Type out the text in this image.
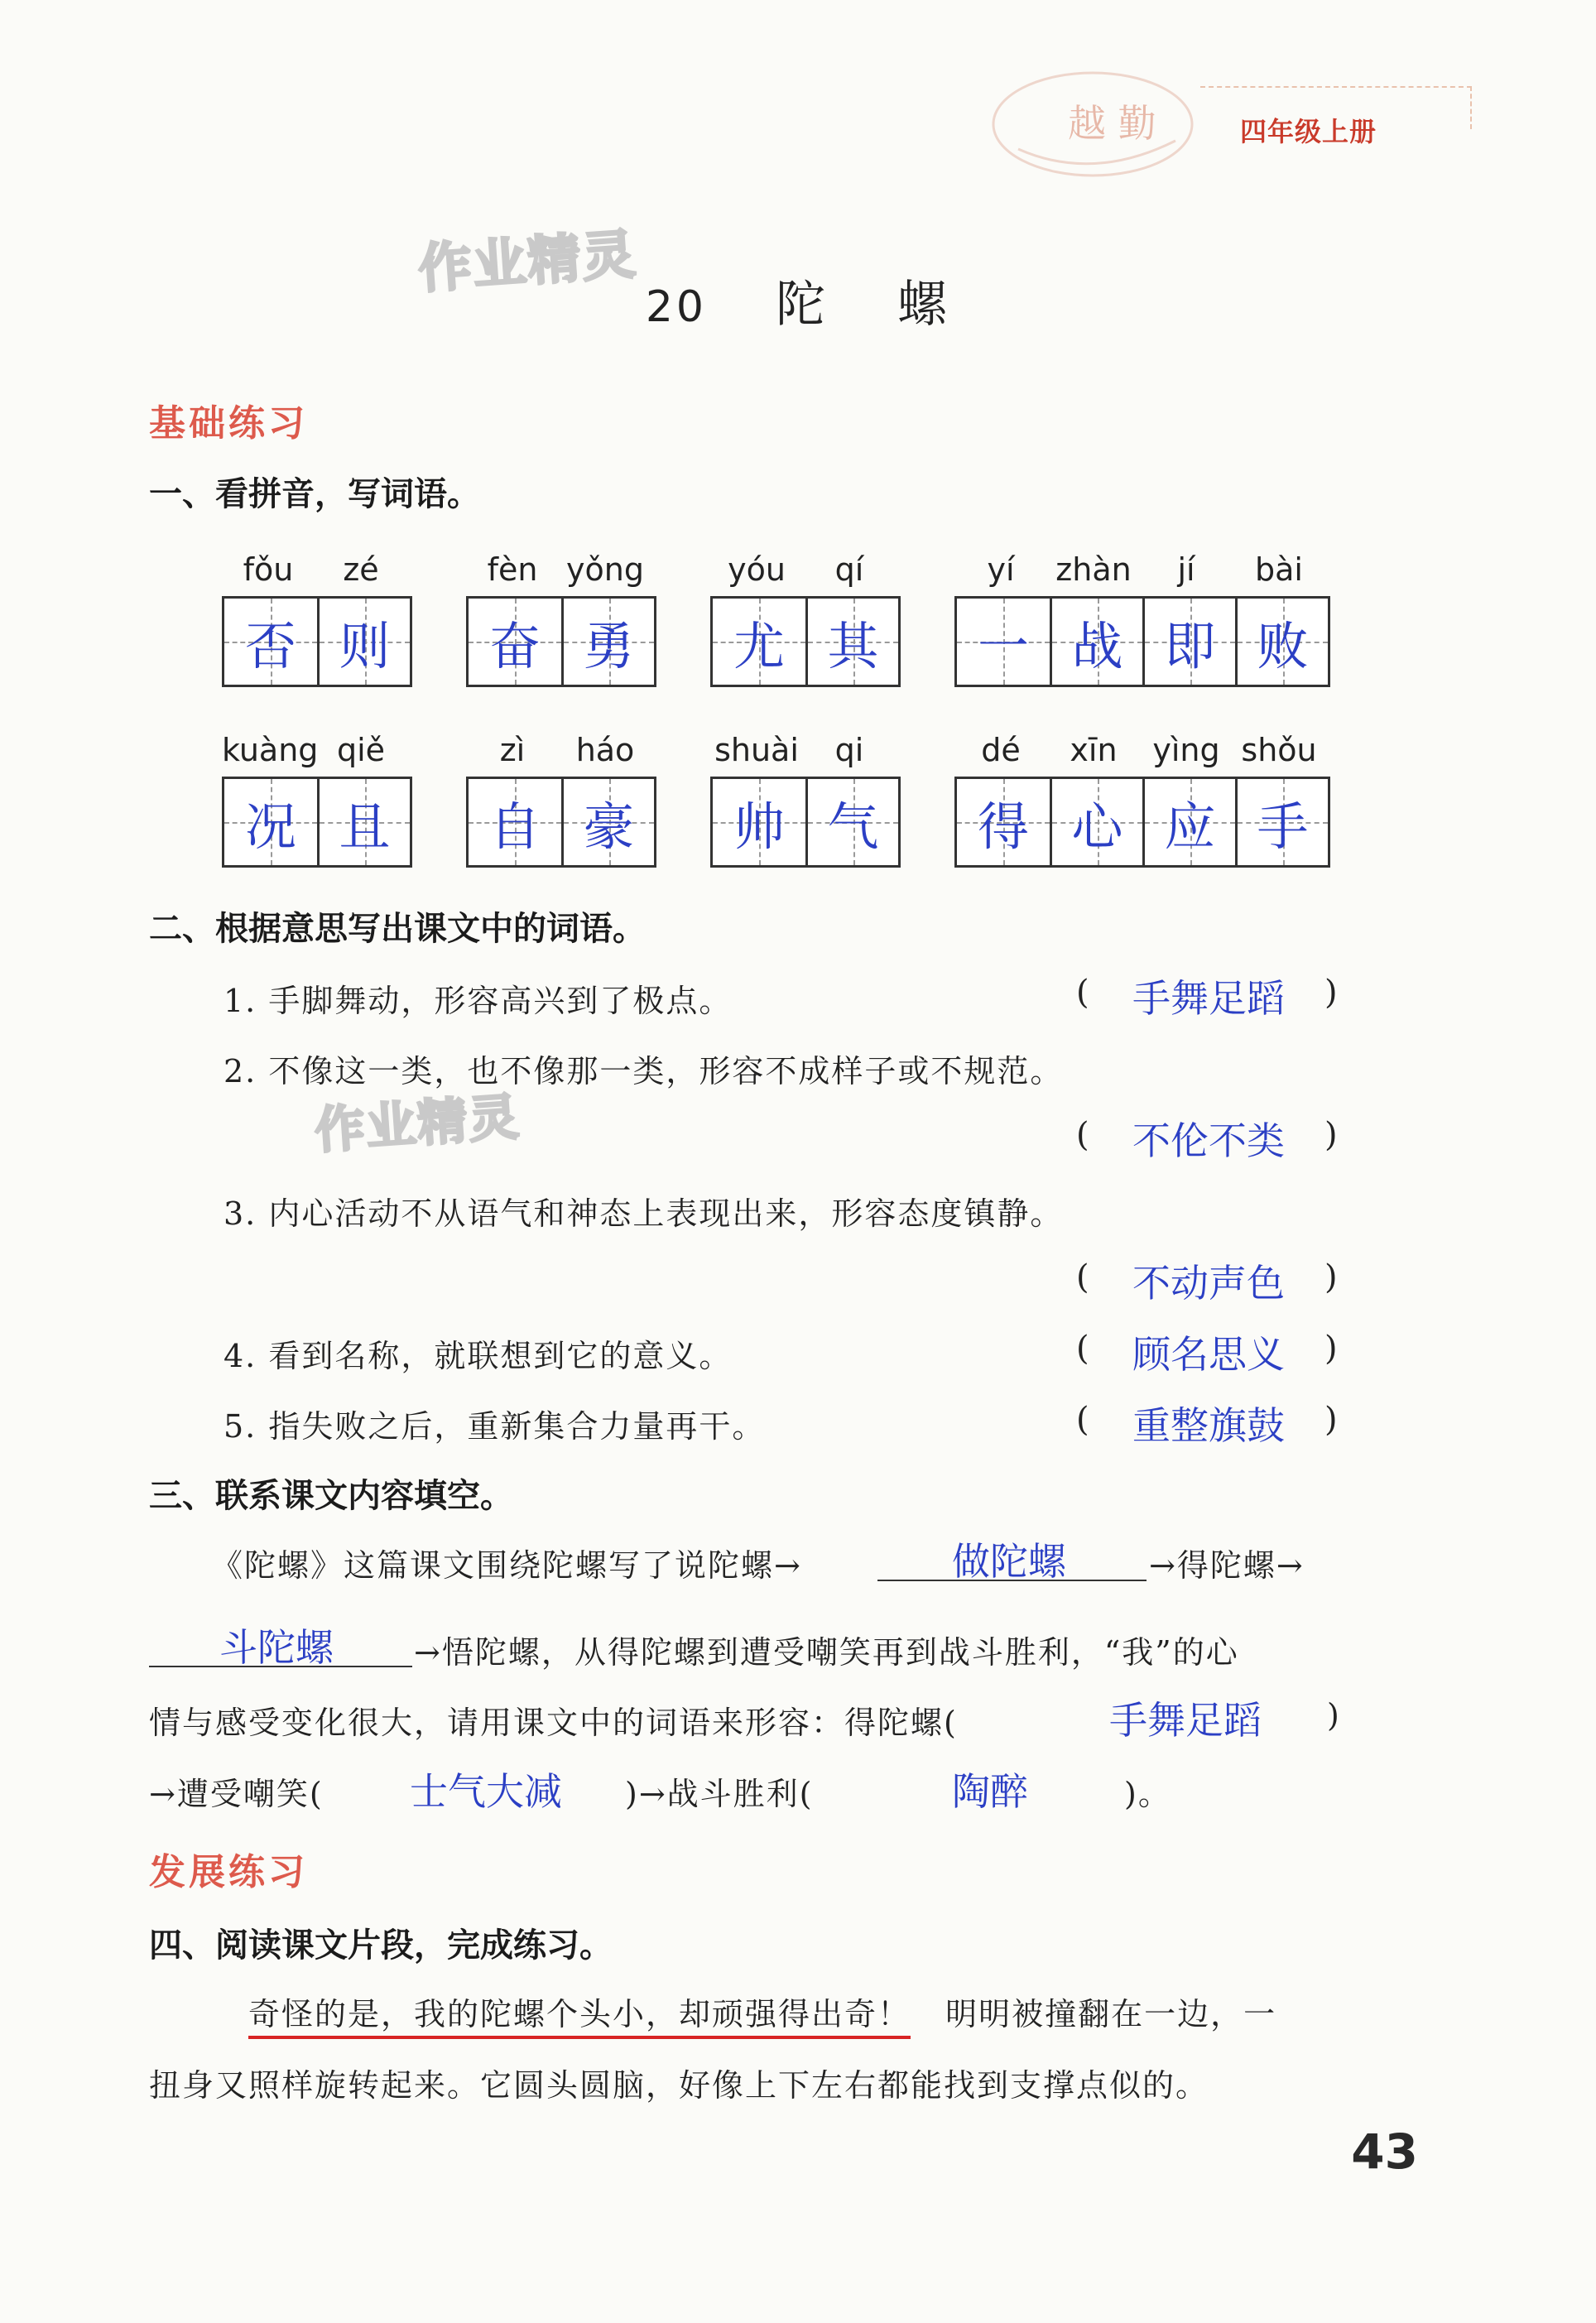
越 勤	四年级上册
作业精灵
作业精灵
20 陀 螺
基础练习
一、看拼音，写词语。
fǒu	zé
否 则
fèn yǒng
奋 勇
yóu	qí
尤 其
yí	zhàn	jí	bài
一 战 即 败
kuàng qiě
况 且
zì	háo
自 豪
shuài	qi
帅 气
dé	xīn	yìng shǒu
得 心 应 手
二、根据意思写出课文中的词语。
1. 手脚舞动，形容高兴到了极点。	( 手舞足蹈 )
2. 不像这一类，也不像那一类，形容不成样子或不规范。
( 不伦不类 )
3. 内心活动不从语气和神态上表现出来，形容态度镇静。
( 不动声色 )
4. 看到名称，就联想到它的意义。	( 顾名思义 )
5. 指失败之后，重新集合力量再干。	( 重整旗鼓 )
三、联系课文内容填空。
《陀螺》这篇课文围绕陀螺写了说陀螺→	做陀螺	→得陀螺→
斗陀螺	→悟陀螺，从得陀螺到遭受嘲笑再到战斗胜利，“我”的心
情与感受变化很大，请用课文中的词语来形容：得陀螺(	手舞足蹈 )
→遭受嘲笑( 士气大减 )→战斗胜利(	陶醉	)。
发展练习
四、阅读课文片段，完成练习。
奇怪的是，我的陀螺个头小，却顽强得出奇！ 明明被撞翻在一边，一
扭身又照样旋转起来。它圆头圆脑，好像上下左右都能找到支撑点似的。
43
